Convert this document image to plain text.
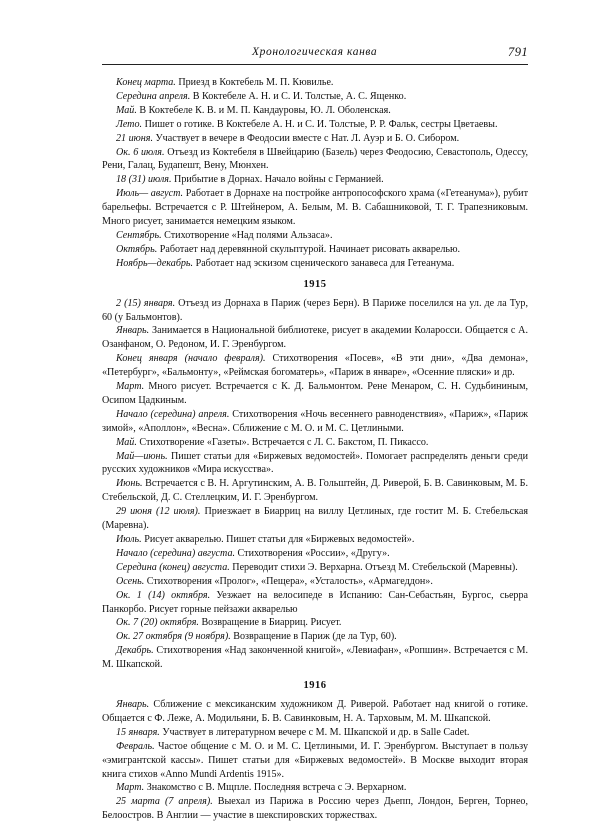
Хронологическая канва	791
Конец марта. Приезд в Коктебель М. П. Кювилье.
Середина апреля. В Коктебеле А. Н. и С. И. Толстые, А. С. Ященко.
Май. В Коктебеле К. В. и М. П. Кандауровы, Ю. Л. Оболенская.
Лето. Пишет о готике. В Коктебеле А. Н. и С. И. Толстые, Р. Р. Фальк, сестры Цветаевы.
21 июня. Участвует в вечере в Феодосии вместе с Нат. Л. Ауэр и Б. О. Сибором.
Ок. 6 июля. Отъезд из Коктебеля в Швейцарию (Базель) через Феодосию, Севастополь, Одессу, Рени, Галац, Будапешт, Вену, Мюнхен.
18 (31) июля. Прибытие в Дорнах. Начало войны с Германией.
Июль— август. Работает в Дорнахе на постройке антропософского храма («Гетеанума»), рубит барельефы. Встречается с Р. Штейнером, А. Белым, М. В. Сабашниковой, Т. Г. Трапезниковым. Много рисует, занимается немецким языком.
Сентябрь. Стихотворение «Над полями Альзаса».
Октябрь. Работает над деревянной скульптурой. Начинает рисовать акварелью.
Ноябрь—декабрь. Работает над эскизом сценического занавеса для Гетеанума.
1915
2 (15) января. Отъезд из Дорнаха в Париж (через Берн). В Париже поселился на ул. де ла Тур, 60 (у Бальмонтов).
Январь. Занимается в Национальной библиотеке, рисует в академии Коларосси. Общается с А. Озанфаном, О. Редоном, И. Г. Эренбургом.
Конец января (начало февраля). Стихотворения «Посев», «В эти дни», «Два демона», «Петербург», «Бальмонту», «Реймская богоматерь», «Париж в январе», «Осенние пляски» и др.
Март. Много рисует. Встречается с К. Д. Бальмонтом. Рене Менаром, С. Н. Судьбининым, Осипом Цадкиным.
Начало (середина) апреля. Стихотворения «Ночь весеннего равноденствия», «Париж», «Париж зимой», «Аполлон», «Весна». Сближение с М. О. и М. С. Цетлиными.
Май. Стихотворение «Газеты». Встречается с Л. С. Бакстом, П. Пикассо.
Май—июнь. Пишет статьи для «Биржевых ведомостей». Помогает распределять деньги среди русских художников «Мира искусства».
Июнь. Встречается с В. Н. Аргутинским, А. В. Гольштейн, Д. Риверой, Б. В. Савинковым, М. Б. Стебельской, Д. С. Стеллецким, И. Г. Эренбургом.
29 июня (12 июля). Приезжает в Биарриц на виллу Цетлиных, где гостит М. Б. Стебельская (Маревна).
Июль. Рисует акварелью. Пишет статьи для «Биржевых ведомостей».
Начало (середина) августа. Стихотворения «России», «Другу».
Середина (конец) августа. Переводит стихи Э. Верхарна. Отъезд М. Стебельской (Маревны).
Осень. Стихотворения «Пролог», «Пещера», «Усталость», «Армагеддон».
Ок. 1 (14) октября. Уезжает на велосипеде в Испанию: Сан-Себастьян, Бургос, сьерра Панкорбо. Рисует горные пейзажи акварелью
Ок. 7 (20) октября. Возвращение в Биарриц. Рисует.
Ок. 27 октября (9 ноября). Возвращение в Париж (де ла Тур, 60).
Декабрь. Стихотворения «Над законченной книгой», «Левиафан», «Ропшин». Встречается с М. М. Шкапской.
1916
Январь. Сближение с мексиканским художником Д. Риверой. Работает над книгой о готике. Общается с Ф. Леже, А. Модильяни, Б. В. Савинковым, Н. А. Тарховым, М. М. Шкапской.
15 января. Участвует в литературном вечере с М. М. Шкапской и др. в Salle Cadet.
Февраль. Частое общение с М. О. и М. С. Цетлиными, И. Г. Эренбургом. Выступает в пользу «эмигрантской кассы». Пишет статьи для «Биржевых ведомостей». В Москве выходит вторая книга стихов «Anno Mundi Ardentis 1915».
Март. Знакомство с В. Мщпле. Последняя встреча с Э. Верхарном.
25 марта (7 апреля). Выехал из Парижа в Россию через Дьепп, Лондон, Берген, Торнео, Белоостров. В Англии — участие в шекспировских торжествах.
